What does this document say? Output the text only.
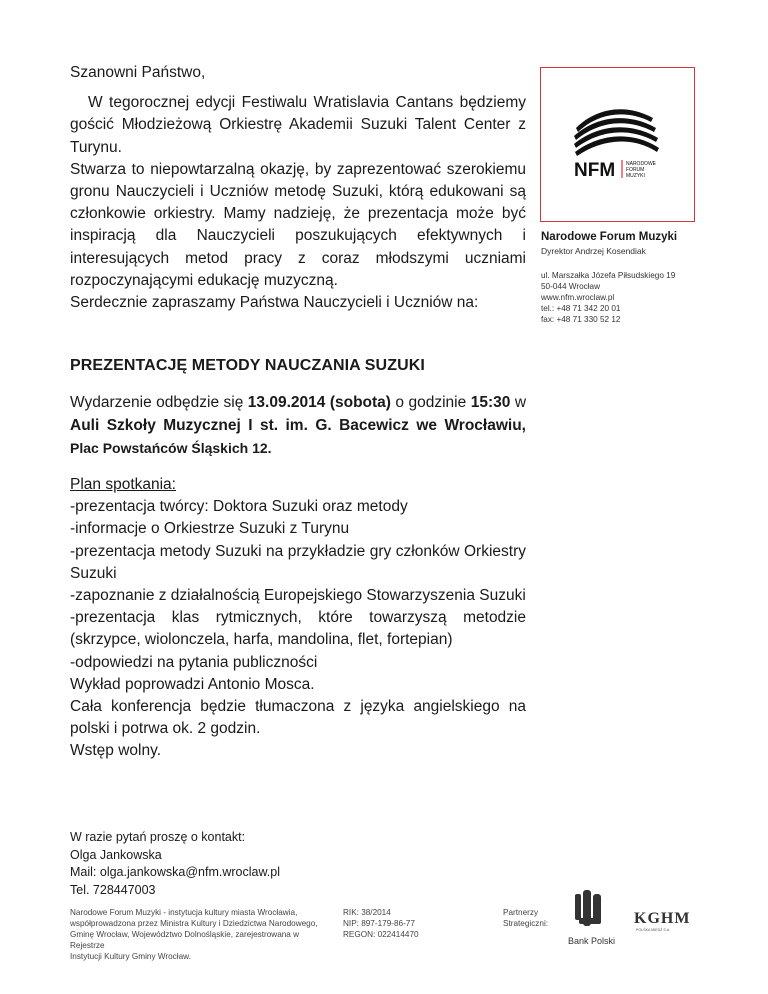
Szanowni Państwo,

W tegorocznej edycji Festiwalu Wratislavia Cantans będziemy gościć Młodzieżową Orkiestrę Akademii Suzuki Talent Center z Turynu.

Stwarza to niepowtarzalną okazję, by zaprezentować szerokiemu gronu Nauczycieli i Uczniów metodę Suzuki, którą edukowani są członkowie orkiestry. Mamy nadzieję, że prezentacja może być inspiracją dla Nauczycieli poszukujących efektywnych i interesujących metod pracy z coraz młodszymi uczniami rozpoczynającymi edukację muzyczną.

Serdecznie zapraszamy Państwa Nauczycieli i Uczniów na:

PREZENTACJĘ METODY NAUCZANIA SUZUKI
Wydarzenie odbędzie się 13.09.2014 (sobota) o godzinie 15:30 w Auli Szkoły Muzycznej I st. im. G. Bacewicz we Wrocławiu, Plac Powstańców Śląskich 12.

Plan spotkania:

-prezentacja twórcy: Doktora Suzuki oraz metody

-informacje o Orkiestrze Suzuki z Turynu

-prezentacja metody Suzuki na przykładzie gry członków Orkiestry Suzuki

-zapoznanie z działalnością Europejskiego Stowarzyszenia Suzuki

-prezentacja klas rytmicznych, które towarzyszą metodzie (skrzypce, wiolonczela, harfa, mandolina, flet, fortepian)

-odpowiedzi na pytania publiczności

Wykład poprowadzi Antonio Mosca.

Cała konferencja będzie tłumaczona z języka angielskiego na polski i potrwa ok. 2 godzin.

Wstęp wolny.

W razie pytań proszę o kontakt:

Olga Jankowska

Mail: olga.jankowska@nfm.wroclaw.pl

Tel. 728447003

NFM NARODOWE
FORUM
MUZYKI

Narodowe Forum Muzyki

Dyrektor Andrzej Kosendiak

ul. Marszałka Józefa Piłsudskiego 19

50-044 Wrocław

www.nfm.wroclaw.pl

tel.: +48 71 342 20 01

fax: +48 71 330 52 12

Narodowe Forum Muzyki - instytucja kultury miasta Wrocławia,
współprowadzona przez Ministra Kultury i Dziedzictwa Narodowego,
Gminę Wrocław, Województwo Dolnośląskie, zarejestrowana w Rejestrze
Instytucji Kultury Gminy Wrocław.
RIK: 38/2014
NIP: 897-179-86-77
REGON: 022414470
Partnerzy
Strategiczni:
Bank Polski
KGHM
POLSKA MIEDŹ S.A.
